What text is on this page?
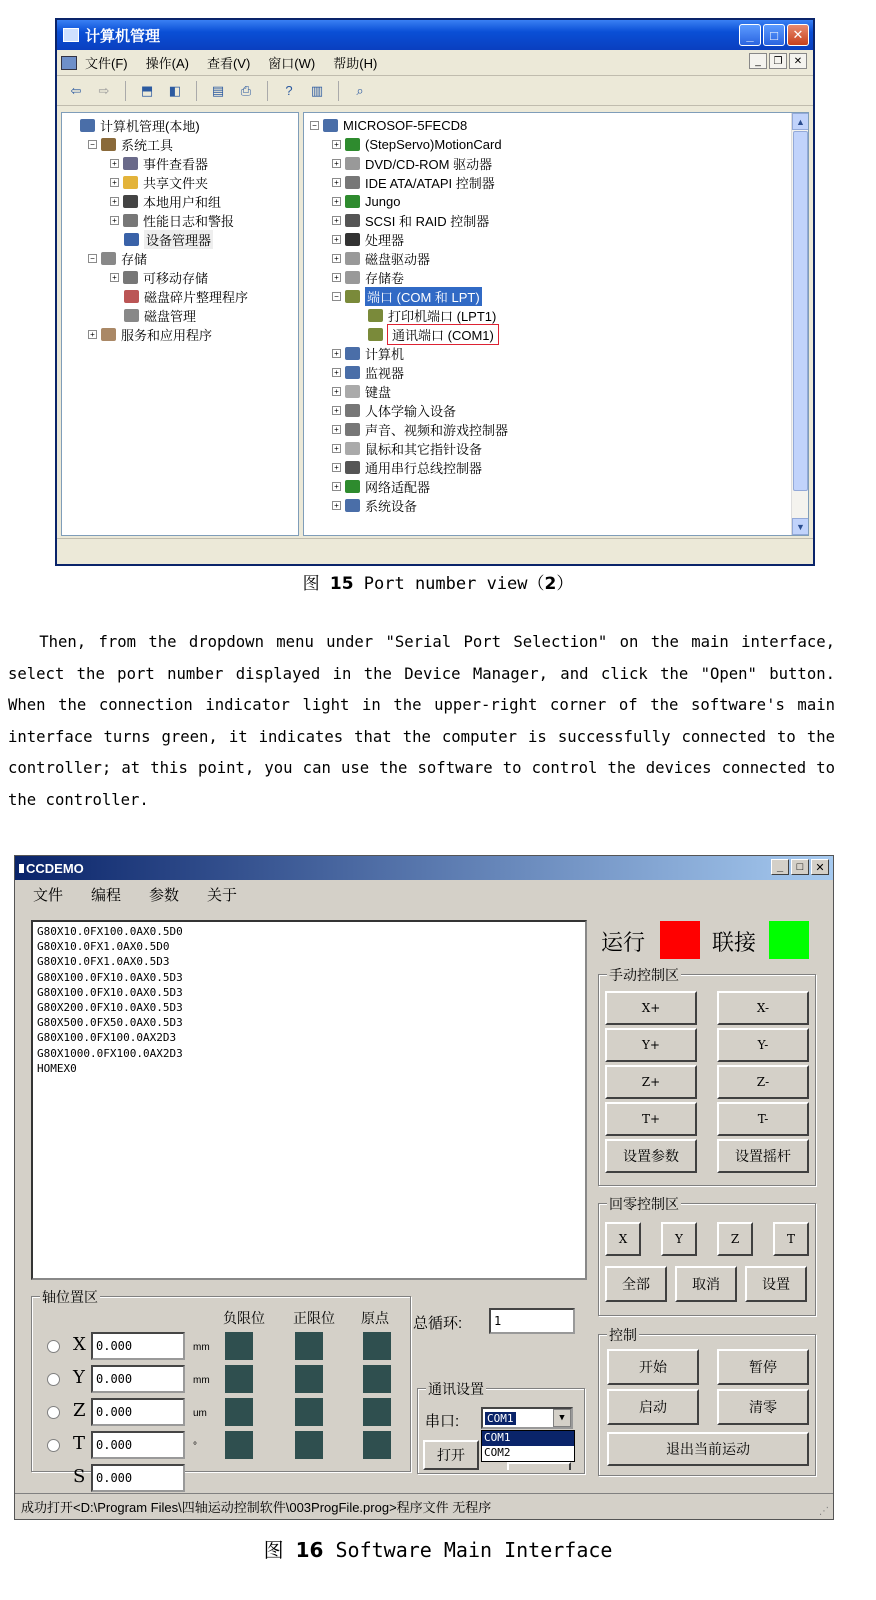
计算机管理	_	□	✕
文件(F) 操作(A) 查看(V) 窗口(W) 帮助(H)	_	❐	✕
⇦	⇨	⬒	◧	▤	⎙	?	▥	⌕
计算机管理(本地)
− 系统工具
+ 事件查看器
+ 共享文件夹
+ 本地用户和组
+ 性能日志和警报
设备管理器
− 存储
+ 可移动存储
磁盘碎片整理程序
磁盘管理
+ 服务和应用程序
▲
▼
− MICROSOF-5FECD8
+ (StepServo)MotionCard
+ DVD/CD-ROM 驱动器
+ IDE ATA/ATAPI 控制器
+ Jungo
+ SCSI 和 RAID 控制器
+ 处理器
+ 磁盘驱动器
+ 存储卷
− 端口 (COM 和 LPT)
打印机端口 (LPT1)
通讯端口 (COM1)
+ 计算机
+ 监视器
+ 键盘
+ 人体学输入设备
+ 声音、视频和游戏控制器
+ 鼠标和其它指针设备
+ 通用串行总线控制器
+ 网络适配器
+ 系统设备
图 15 Port number view（2）
Then, from the dropdown menu under "Serial Port Selection" on the main interface, select the port number displayed in the Device Manager, and click the "Open" button. When the connection indicator light in the upper-right corner of the software's main interface turns green, it indicates that the computer is successfully connected to the controller; at this point, you can use the software to control the devices connected to the controller.
CCDEMO	_	□	✕
文件 编程 参数 关于
G80X10.0FX100.0AX0.5D0
G80X10.0FX1.0AX0.5D0
G80X10.0FX1.0AX0.5D3
G80X100.0FX10.0AX0.5D3
G80X100.0FX10.0AX0.5D3
G80X200.0FX10.0AX0.5D3
G80X500.0FX50.0AX0.5D3
G80X100.0FX100.0AX2D3
G80X1000.0FX100.0AX2D3
HOMEX0
运行	联接
手动控制区
X+	X-
Y+	Y-
Z+	Z-
T+	T-
设置参数	设置摇杆
回零控制区
X	Y	Z	T
全部	取消	设置
控制
开始	暂停
启动	清零
退出当前运动
轴位置区
负限位 正限位 原点
X 0.000	mm
Y 0.000	mm
Z 0.000	um
T 0.000	°
S 0.000
总循环:	1
通讯设置
串口:	COM1	▼
COM1
COM2
打开
成功打开<D:\Program Files\四轴运动控制软件\003ProgFile.prog>程序文件 无程序	⋰
图 16 Software Main Interface
